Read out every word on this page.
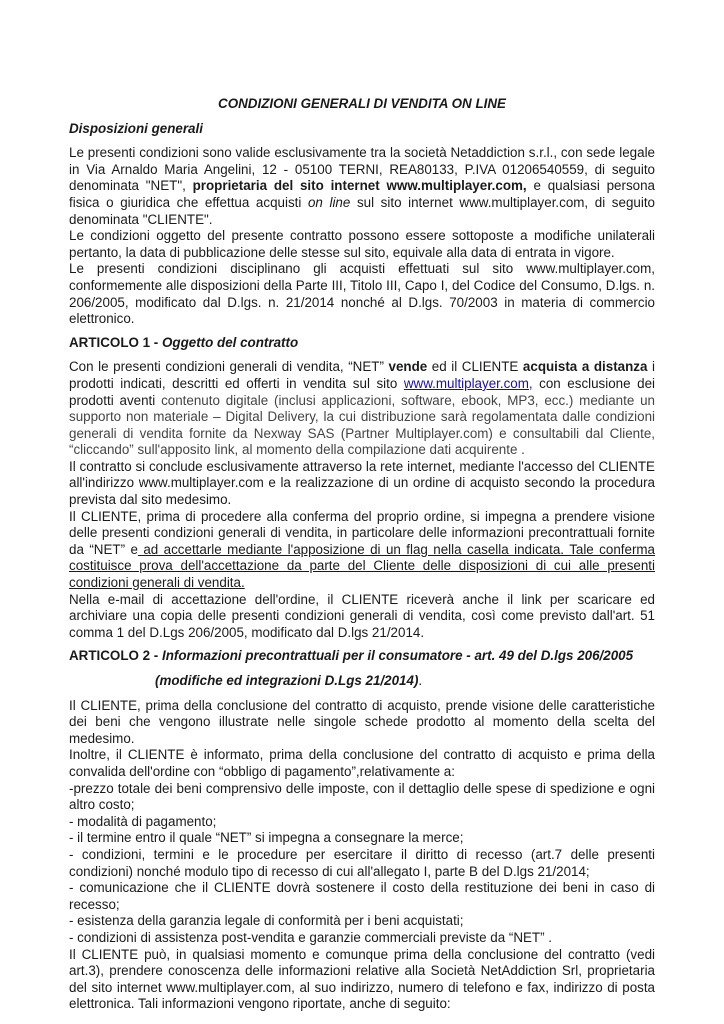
CONDIZIONI GENERALI DI VENDITA ON LINE
Disposizioni generali

Le presenti condizioni sono valide esclusivamente tra la società Netaddiction s.r.l., con sede legale in Via Arnaldo Maria Angelini, 12 - 05100 TERNI, REA80133, P.IVA 01206540559, di seguito denominata "NET", proprietaria del sito internet www.multiplayer.com, e qualsiasi persona fisica o giuridica che effettua acquisti on line sul sito internet www.multiplayer.com, di seguito denominata "CLIENTE".

Le condizioni oggetto del presente contratto possono essere sottoposte a modifiche unilaterali pertanto, la data di pubblicazione delle stesse sul sito, equivale alla data di entrata in vigore.

Le presenti condizioni disciplinano gli acquisti effettuati sul sito www.multiplayer.com, conformemente alle disposizioni della Parte III, Titolo III, Capo I, del Codice del Consumo, D.lgs. n. 206/2005, modificato dal D.lgs. n. 21/2014 nonché al D.lgs. 70/2003 in materia di commercio elettronico.

ARTICOLO 1 - Oggetto del contratto

Con le presenti condizioni generali di vendita, “NET” vende ed il CLIENTE acquista a distanza i prodotti indicati, descritti ed offerti in vendita sul sito www.multiplayer.com, con esclusione dei prodotti aventi contenuto digitale (inclusi applicazioni, software, ebook, MP3, ecc.) mediante un supporto non materiale – Digital Delivery, la cui distribuzione sarà regolamentata dalle condizioni generali di vendita fornite da Nexway SAS (Partner Multiplayer.com) e consultabili dal Cliente, “cliccando” sull'apposito link, al momento della compilazione dati acquirente .

Il contratto si conclude esclusivamente attraverso la rete internet, mediante l'accesso del CLIENTE all'indirizzo www.multiplayer.com e la realizzazione di un ordine di acquisto secondo la procedura prevista dal sito medesimo.

Il CLIENTE, prima di procedere alla conferma del proprio ordine, si impegna a prendere visione delle presenti condizioni generali di vendita, in particolare delle informazioni precontrattuali fornite da “NET” e ad accettarle mediante l'apposizione di un flag nella casella indicata. Tale conferma costituisce prova dell'accettazione da parte del Cliente delle disposizioni di cui alle presenti condizioni generali di vendita.

Nella e-mail di accettazione dell'ordine, il CLIENTE riceverà anche il link per scaricare ed archiviare una copia delle presenti condizioni generali di vendita, così come previsto dall'art. 51 comma 1 del D.Lgs 206/2005, modificato dal D.lgs 21/2014.

ARTICOLO 2 - Informazioni precontrattuali per il consumatore - art. 49 del D.lgs 206/2005
(modifiche ed integrazioni D.Lgs 21/2014).

Il CLIENTE, prima della conclusione del contratto di acquisto, prende visione delle caratteristiche dei beni che vengono illustrate nelle singole schede prodotto al momento della scelta del medesimo.

Inoltre, il CLIENTE è informato, prima della conclusione del contratto di acquisto e prima della convalida dell'ordine con “obbligo di pagamento”,relativamente a:

-prezzo totale dei beni comprensivo delle imposte, con il dettaglio delle spese di spedizione e ogni altro costo;

- modalità di pagamento;

- il termine entro il quale “NET” si impegna a consegnare la merce;

- condizioni, termini e le procedure per esercitare il diritto di recesso (art.7 delle presenti condizioni) nonché modulo tipo di recesso di cui all'allegato I, parte B del D.lgs 21/2014;

- comunicazione che il CLIENTE dovrà sostenere il costo della restituzione dei beni in caso di recesso;

- esistenza della garanzia legale di conformità per i beni acquistati;

- condizioni di assistenza post-vendita e garanzie commerciali previste da “NET” .

Il CLIENTE può, in qualsiasi momento e comunque prima della conclusione del contratto (vedi art.3), prendere conoscenza delle informazioni relative alla Società NetAddiction Srl, proprietaria del sito internet www.multiplayer.com, al suo indirizzo, numero di telefono e fax, indirizzo di posta elettronica. Tali informazioni vengono riportate, anche di seguito:
